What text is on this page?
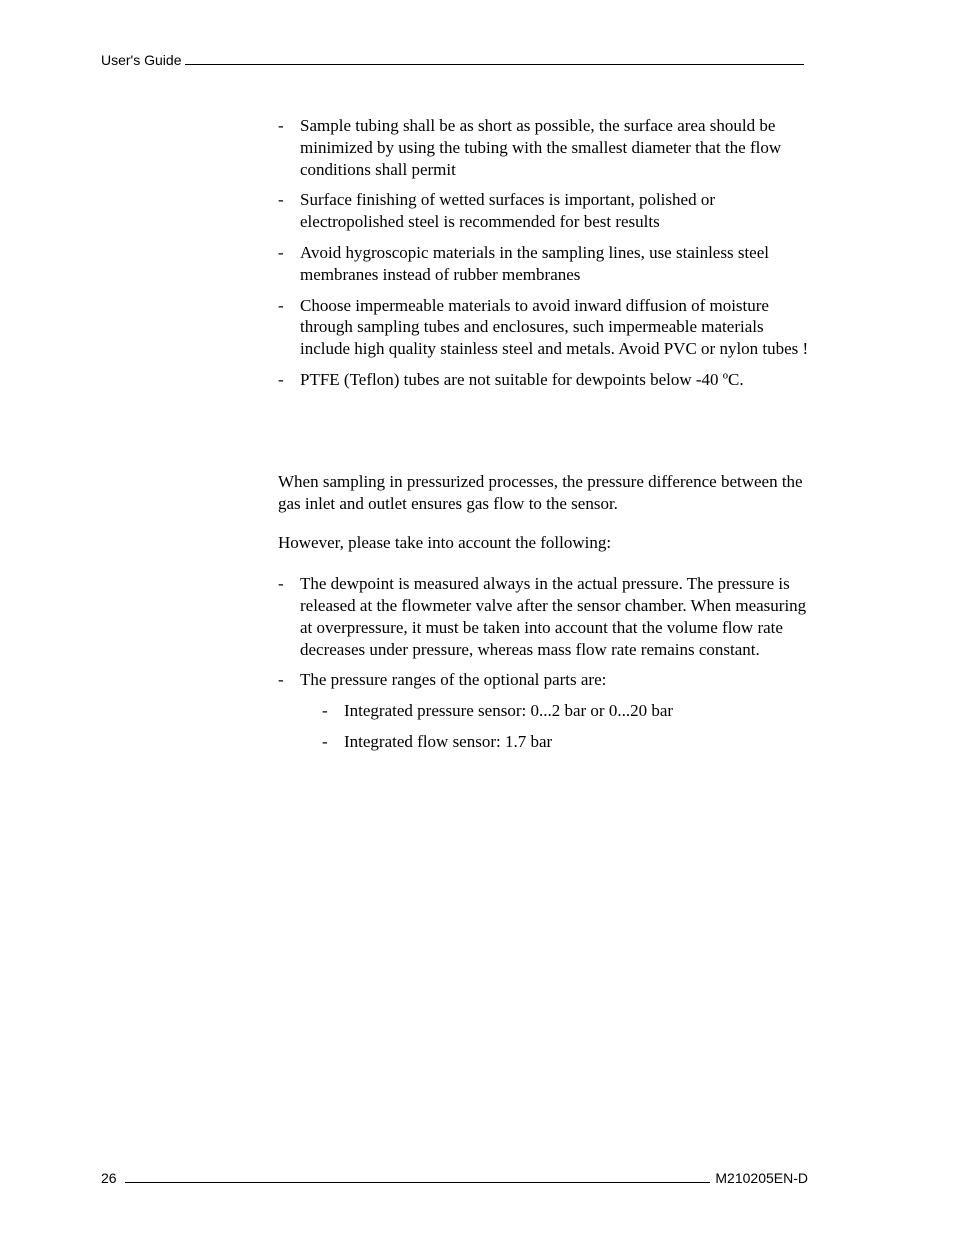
User's Guide
- Sample tubing shall be as short as possible, the surface area should be minimized by using the tubing with the smallest diameter that the flow conditions shall permit
- Surface finishing of wetted surfaces is important, polished or electropolished steel is recommended for best results
- Avoid hygroscopic materials in the sampling lines, use stainless steel membranes instead of rubber membranes
- Choose impermeable materials to avoid inward diffusion of moisture through sampling tubes and enclosures, such impermeable materials include high quality stainless steel and metals. Avoid PVC or nylon tubes !
- PTFE (Teflon) tubes are not suitable for dewpoints below -40 ºC.

When sampling in pressurized processes, the pressure difference between the gas inlet and outlet ensures gas flow to the sensor.

However, please take into account the following:

- The dewpoint is measured always in the actual pressure. The pressure is released at the flowmeter valve after the sensor chamber. When measuring at overpressure, it must be taken into account that the volume flow rate decreases under pressure, whereas mass flow rate remains constant.
- The pressure ranges of the optional parts are:
- Integrated pressure sensor: 0...2 bar or 0...20 bar
- Integrated flow sensor: 1.7 bar
26	M210205EN-D
